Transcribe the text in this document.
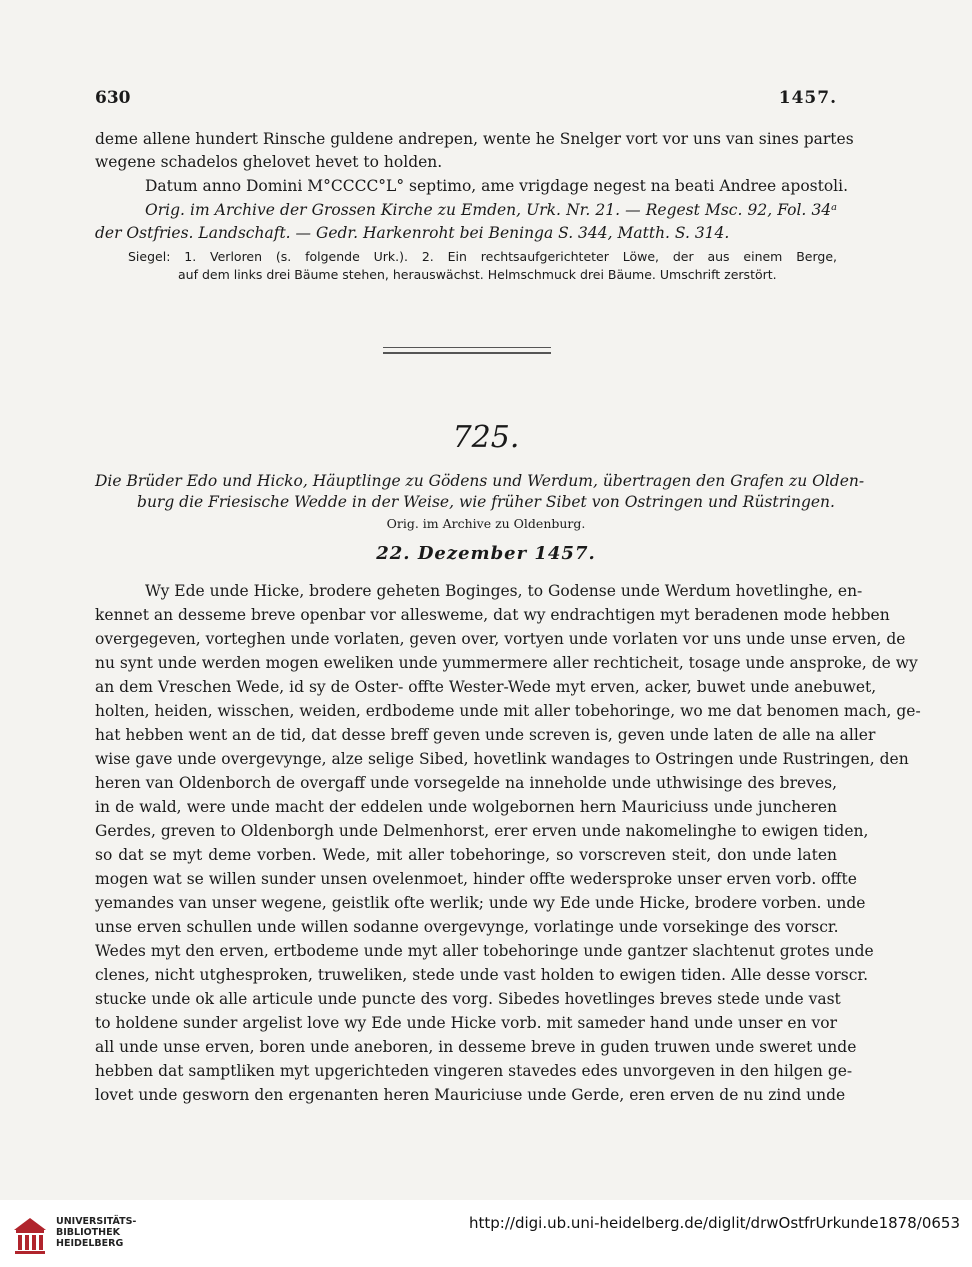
630	1457.
deme allene hundert Rinsche guldene andrepen, wente he Snelger vort vor uns van sines partes
wegene schadelos ghelovet hevet to holden.
Datum anno Domini M°CCCC°L° septimo, ame vrigdage negest na beati Andree apostoli.
Orig. im Archive der Grossen Kirche zu Emden, Urk. Nr. 21. — Regest Msc. 92, Fol. 34ᵃ
der Ostfries. Landschaft. — Gedr. Harkenroht bei Beninga S. 344, Matth. S. 314.
Siegel: 1. Verloren (s. folgende Urk.). 2. Ein rechtsaufgerichteter Löwe, der aus einem Berge,
auf dem links drei Bäume stehen, herauswächst. Helmschmuck drei Bäume. Umschrift zerstört.
725.
Die Brüder Edo und Hicko, Häuptlinge zu Gödens und Werdum, übertragen den Grafen zu Olden-
burg die Friesische Wedde in der Weise, wie früher Sibet von Ostringen und Rüstringen.
Orig. im Archive zu Oldenburg.
22. Dezember 1457.
Wy Ede unde Hicke, brodere geheten Boginges, to Godense unde Werdum hovetlinghe, en-
kennet an desseme breve openbar vor allesweme, dat wy endrachtigen myt beradenen mode hebben
overgegeven, vorteghen unde vorlaten, geven over, vortyen unde vorlaten vor uns unde unse erven, de
nu synt unde werden mogen eweliken unde yummermere aller rechticheit, tosage unde ansproke, de wy
an dem Vreschen Wede, id sy de Oster- offte Wester-Wede myt erven, acker, buwet unde anebuwet,
holten, heiden, wisschen, weiden, erdbodeme unde mit aller tobehoringe, wo me dat benomen mach, ge-
hat hebben went an de tid, dat desse breff geven unde screven is, geven unde laten de alle na aller
wise gave unde overgevynge, alze selige Sibed, hovetlink wandages to Ostringen unde Rustringen, den
heren van Oldenborch de overgaff unde vorsegelde na inneholde unde uthwisinge des breves,
in de wald, were unde macht der eddelen unde wolgebornen hern Mauriciuss unde juncheren
Gerdes, greven to Oldenborgh unde Delmenhorst, erer erven unde nakomelinghe to ewigen tiden,
so dat se myt deme vorben. Wede, mit aller tobehoringe, so vorscreven steit, don unde laten
mogen wat se willen sunder unsen ovelenmoet, hinder offte wedersproke unser erven vorb. offte
yemandes van unser wegene, geistlik ofte werlik; unde wy Ede unde Hicke, brodere vorben. unde
unse erven schullen unde willen sodanne overgevynge, vorlatinge unde vorsekinge des vorscr.
Wedes myt den erven, ertbodeme unde myt aller tobehoringe unde gantzer slachtenut grotes unde
clenes, nicht utghesproken, truweliken, stede unde vast holden to ewigen tiden. Alle desse vorscr.
stucke unde ok alle articule unde puncte des vorg. Sibedes hovetlinges breves stede unde vast
to holdene sunder argelist love wy Ede unde Hicke vorb. mit sameder hand unde unser en vor
all unde unse erven, boren unde aneboren, in desseme breve in guden truwen unde sweret unde
hebben dat samptliken myt upgerichteden vingeren stavedes edes unvorgeven in den hilgen ge-
lovet unde gesworn den ergenanten heren Mauriciuse unde Gerde, eren erven de nu zind unde
UNIVERSITÄTS-
BIBLIOTHEK
HEIDELBERG
http://digi.ub.uni-heidelberg.de/diglit/drwOstfrUrkunde1878/0653
